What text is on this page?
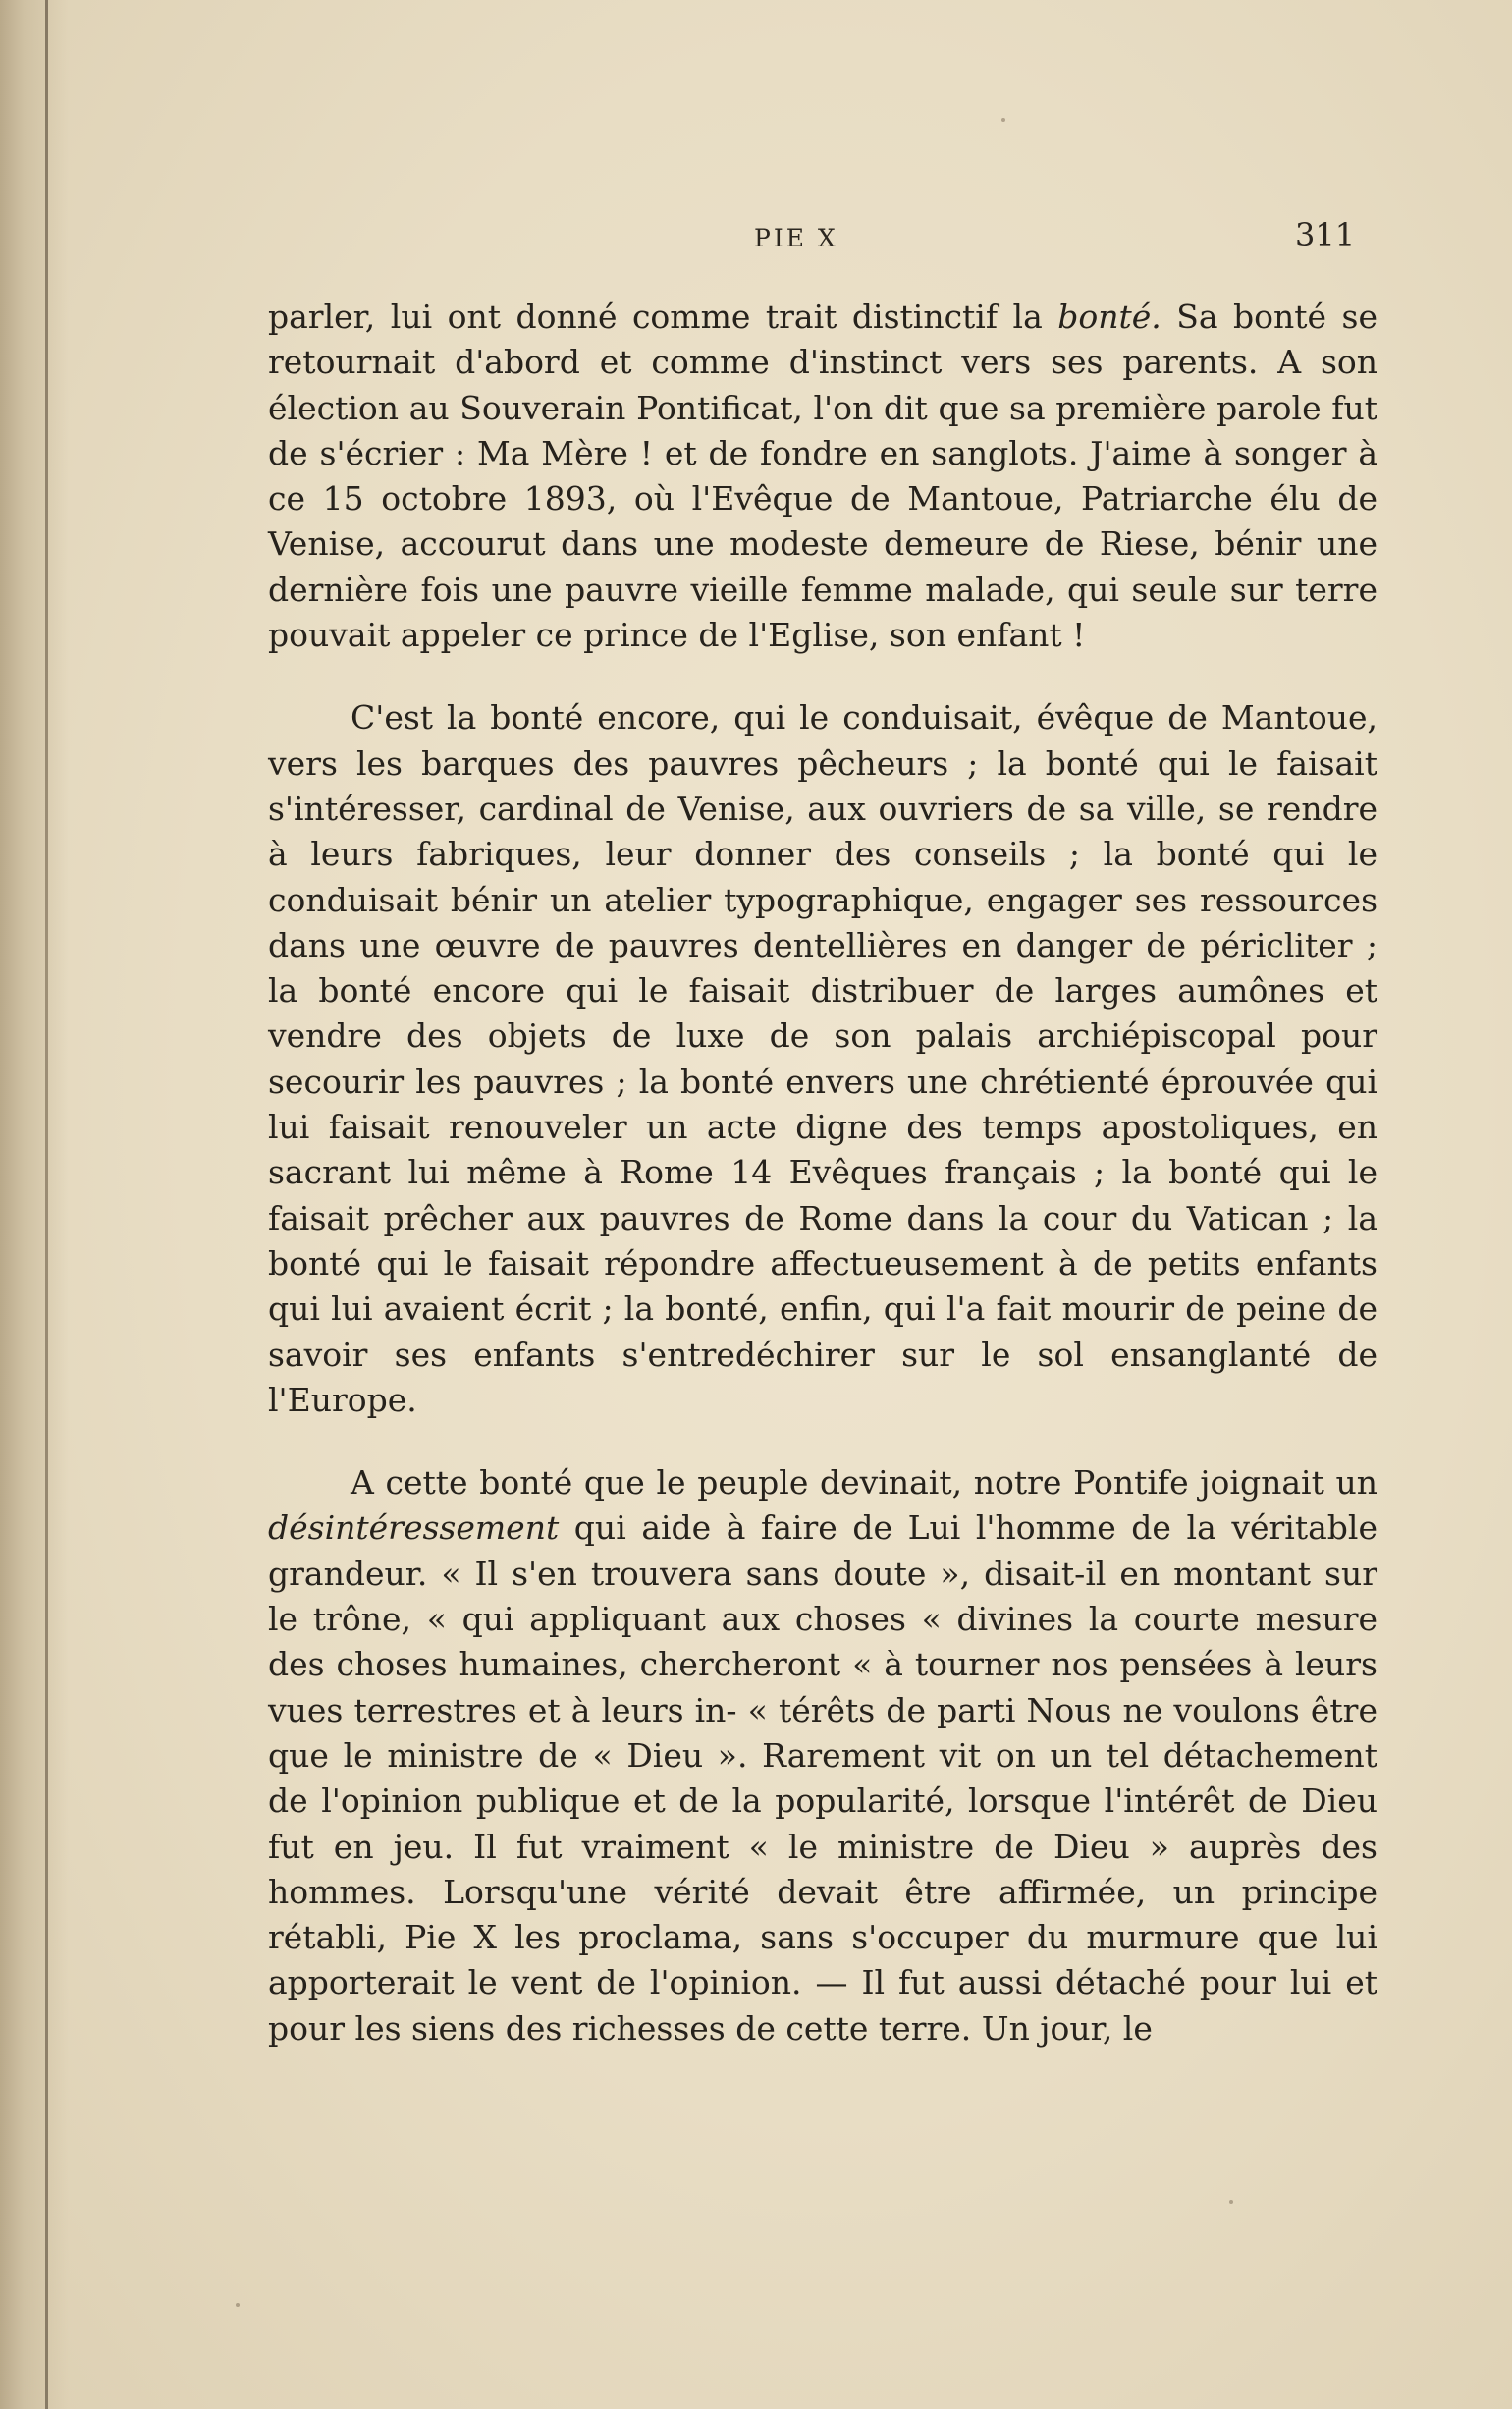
PIE X	311

parler, lui ont donné comme trait distinctif la bonté. Sa bonté se retournait d'abord et comme d'instinct vers ses parents. A son élection au Souverain Pontificat, l'on dit que sa première parole fut de s'écrier : Ma Mère ! et de fondre en sanglots. J'aime à songer à ce 15 octobre 1893, où l'Evêque de Mantoue, Patriarche élu de Venise, accourut dans une modeste demeure de Riese, bénir une dernière fois une pauvre vieille femme malade, qui seule sur terre pouvait appeler ce prince de l'Eglise, son enfant !

C'est la bonté encore, qui le conduisait, évêque de Mantoue, vers les barques des pauvres pêcheurs ; la bonté qui le faisait s'intéresser, cardinal de Venise, aux ouvriers de sa ville, se rendre à leurs fabriques, leur donner des conseils ; la bonté qui le conduisait bénir un atelier typographique, engager ses ressources dans une œuvre de pauvres dentellières en danger de péricliter ; la bonté encore qui le faisait distribuer de larges aumônes et vendre des objets de luxe de son palais archiépiscopal pour secourir les pauvres ; la bonté envers une chrétienté éprouvée qui lui faisait renouveler un acte digne des temps apostoliques, en sacrant lui même à Rome 14 Evêques français ; la bonté qui le faisait prêcher aux pauvres de Rome dans la cour du Vatican ; la bonté qui le faisait répondre affectueusement à de petits enfants qui lui avaient écrit ; la bonté, enfin, qui l'a fait mourir de peine de savoir ses enfants s'entredéchirer sur le sol ensanglanté de l'Europe.

A cette bonté que le peuple devinait, notre Pontife joignait un désintéressement qui aide à faire de Lui l'homme de la véritable grandeur. « Il s'en trouvera sans doute », disait-il en montant sur le trône, « qui appliquant aux choses « divines la courte mesure des choses humaines, chercheront « à tourner nos pensées à leurs vues terrestres et à leurs in- « térêts de parti Nous ne voulons être que le ministre de « Dieu ». Rarement vit on un tel détachement de l'opinion publique et de la popularité, lorsque l'intérêt de Dieu fut en jeu. Il fut vraiment « le ministre de Dieu » auprès des hommes. Lorsqu'une vérité devait être affirmée, un principe rétabli, Pie X les proclama, sans s'occuper du murmure que lui apporterait le vent de l'opinion. — Il fut aussi détaché pour lui et pour les siens des richesses de cette terre. Un jour, le
